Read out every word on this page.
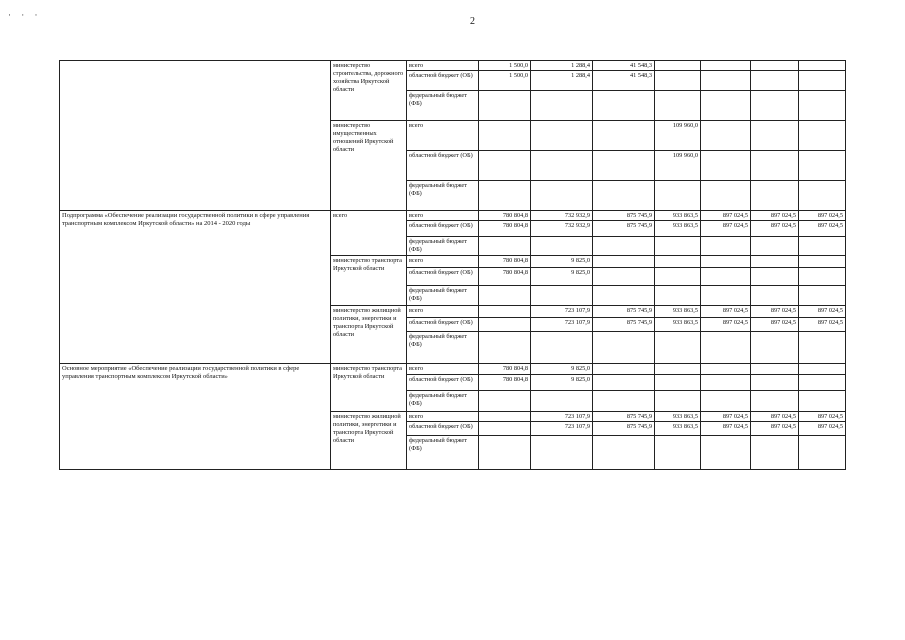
· · ·
2
	министерство строительства, дорожного хозяйства Иркутской области	всего	1 500,0	1 288,4	41 548,3				
		областной бюджет (ОБ)	1 500,0	1 288,4	41 548,3				
		федеральный бюджет (ФБ)							
	министерство имущественных отношений Иркутской области	всего				109 960,0			
		областной бюджет (ОБ)				109 960,0			
		федеральный бюджет (ФБ)							
Подпрограмма «Обеспечение реализации государственной политики в сфере управления транспортным комплексом Иркутской области» на 2014 - 2020 годы	всего	всего	780 804,8	732 932,9	875 745,9	933 863,5	897 024,5	897 024,5	897 024,5
		областной бюджет (ОБ)	780 804,8	732 932,9	875 745,9	933 863,5	897 024,5	897 024,5	897 024,5
		федеральный бюджет (ФБ)							
	министерство транспорта Иркутской области	всего	780 804,8	9 825,0					
		областной бюджет (ОБ)	780 804,8	9 825,0					
		федеральный бюджет (ФБ)							
	министерство жилищной политики, энергетики и транспорта Иркутской области	всего		723 107,9	875 745,9	933 863,5	897 024,5	897 024,5	897 024,5
		областной бюджет (ОБ)		723 107,9	875 745,9	933 863,5	897 024,5	897 024,5	897 024,5
		федеральный бюджет (ФБ)							
Основное мероприятие «Обеспечение реализации государственной политики в сфере управления транспортным комплексом Иркутской области»	министерство транспорта Иркутской области	всего	780 804,8	9 825,0					
		областной бюджет (ОБ)	780 804,8	9 825,0					
		федеральный бюджет (ФБ)							
	министерство жилищной политики, энергетики и транспорта Иркутской области	всего		723 107,9	875 745,9	933 863,5	897 024,5	897 024,5	897 024,5
		областной бюджет (ОБ)		723 107,9	875 745,9	933 863,5	897 024,5	897 024,5	897 024,5
		федеральный бюджет (ФБ)							
